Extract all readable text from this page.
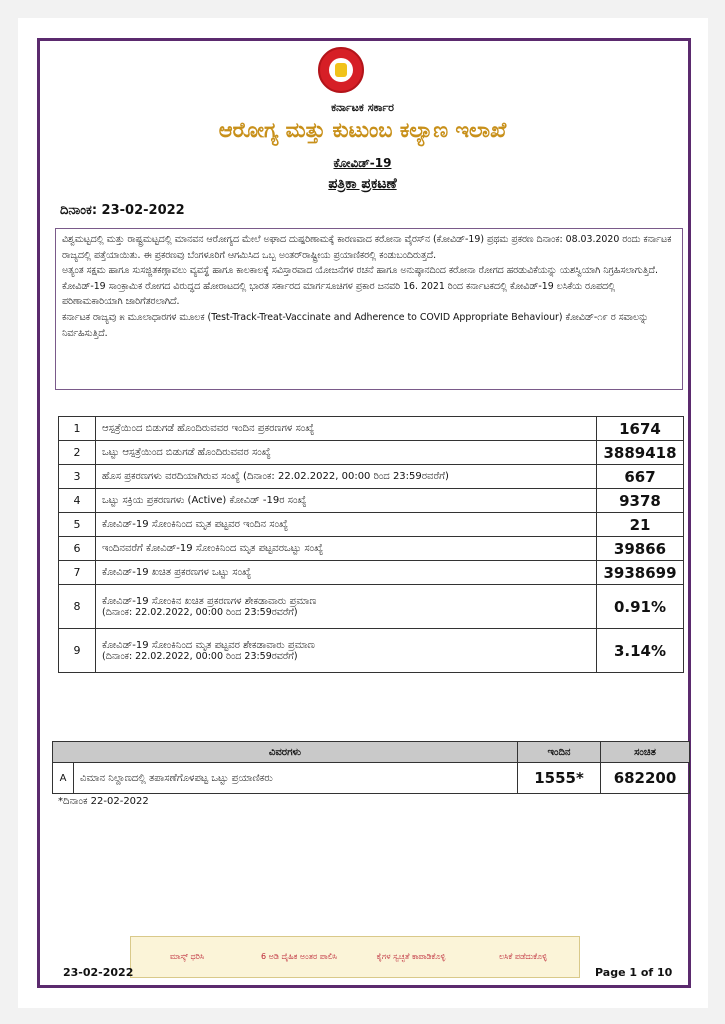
ಕರ್ನಾಟಕ ಸರ್ಕಾರ
ಆರೋಗ್ಯ ಮತ್ತು ಕುಟುಂಬ ಕಲ್ಯಾಣ ಇಲಾಖೆ
ಕೋವಿಡ್-19
ಪತ್ರಿಕಾ ಪ್ರಕಟಣೆ
ದಿನಾಂಕ: 23-02-2022

ವಿಶ್ವಮಟ್ಟದಲ್ಲಿ ಮತ್ತು ರಾಷ್ಟ್ರಮಟ್ಟದಲ್ಲಿ ಮಾನವನ ಆರೋಗ್ಯದ ಮೇಲೆ ಅಘಾದ ದುಷ್ಪರಿಣಾಮಕ್ಕೆ ಕಾರಣವಾದ ಕರೋನಾ ವೈರಸ್‌ನ (ಕೋವಿಡ್-19) ಪ್ರಥಮ ಪ್ರಕರಣ ದಿನಾಂಕ: 08.03.2020 ರಂದು ಕರ್ನಾಟಕ ರಾಜ್ಯದಲ್ಲಿ ಪತ್ತೆಯಾಯಿತು. ಈ ಪ್ರಕರಣವು ಬೆಂಗಳೂರಿಗೆ ಆಗಮಿಸಿದ ಒಬ್ಬ ಅಂತರ್‌ರಾಷ್ಟ್ರೀಯ ಪ್ರಯಾಣಿಕರಲ್ಲಿ ಕಂಡುಬಂದಿರುತ್ತದೆ.

ಅತ್ಯಂತ ಸಕ್ಷಮ ಹಾಗೂ ಸುಸಜ್ಜಿತಕಣ್ಗಾವಲು ವ್ಯವಸ್ಥೆ ಹಾಗೂ ಕಾಲಕಾಲಕ್ಕೆ ಸವಿಸ್ತಾರವಾದ ಯೋಜನೆಗಳ ರಚನೆ ಹಾಗೂ ಅನುಷ್ಠಾನದಿಂದ ಕರೋನಾ ರೋಗದ ಹರಡುವಿಕೆಯನ್ನು ಯಶಸ್ವಿಯಾಗಿ ನಿಗ್ರಹಿಸಲಾಗುತ್ತಿದೆ.

ಕೋವಿಡ್-19 ಸಾಂಕ್ರಾಮಿಕ ರೋಗದ ವಿರುದ್ಧದ ಹೋರಾಟದಲ್ಲಿ ಭಾರತ ಸರ್ಕಾರದ ಮಾರ್ಗಸೂಚಿಗಳ ಪ್ರಕಾರ ಜನವರಿ 16. 2021 ರಿಂದ ಕರ್ನಾಟಕದಲ್ಲಿ ಕೋವಿಡ್-19 ಲಸಿಕೆಯ ರೂಪದಲ್ಲಿ ಪರಿಣಾಮಕಾರಿಯಾಗಿ ಜಾರಿಗೆತರಲಾಗಿದೆ.

ಕರ್ನಾಟಕ ರಾಜ್ಯವು ೫ ಮೂಲಾಧಾರಗಳ ಮೂಲಕ (Test-Track-Treat-Vaccinate and Adherence to COVID Appropriate Behaviour) ಕೋವಿಡ್-೧೯ ರ ಸವಾಲನ್ನು ನಿರ್ವಹಿಸುತ್ತಿದೆ.

1	ಆಸ್ಪತ್ರೆಯಿಂದ ಬಿಡುಗಡೆ ಹೊಂದಿರುವವರ ಇಂದಿನ ಪ್ರಕರಣಗಳ ಸಂಖ್ಯೆ	1674
2	ಒಟ್ಟು ಆಸ್ಪತ್ರೆಯಿಂದ ಬಿಡುಗಡೆ ಹೊಂದಿರುವವರ ಸಂಖ್ಯೆ	3889418
3	ಹೊಸ ಪ್ರಕರಣಗಳು ವರದಿಯಾಗಿರುವ ಸಂಖ್ಯೆ (ದಿನಾಂಕ: 22.02.2022, 00:00 ರಿಂದ 23:59ರವರೆಗೆ)	667
4	ಒಟ್ಟು ಸಕ್ರಿಯ ಪ್ರಕರಣಗಳು (Active) ಕೋವಿಡ್ -19ರ ಸಂಖ್ಯೆ	9378
5	ಕೋವಿಡ್-19 ಸೋಂಕಿನಿಂದ ಮೃತ ಪಟ್ಟವರ ಇಂದಿನ ಸಂಖ್ಯೆ	21
6	ಇಂದಿನವರೆಗೆ ಕೋವಿಡ್-19 ಸೋಂಕಿನಿಂದ ಮೃತ ಪಟ್ಟವರಒಟ್ಟು ಸಂಖ್ಯೆ	39866
7	ಕೋವಿಡ್-19 ಖಚಿತ ಪ್ರಕರಣಗಳ ಒಟ್ಟು ಸಂಖ್ಯೆ	3938699
8	ಕೋವಿಡ್-19 ಸೋಂಕಿನ ಖಚಿತ ಪ್ರಕರಣಗಳ ಶೇಕಡಾವಾರು ಪ್ರಮಾಣ
(ದಿನಾಂಕ: 22.02.2022, 00:00 ರಿಂದ 23:59ರವರೆಗೆ)	0.91%
9	ಕೋವಿಡ್-19 ಸೋಂಕಿನಿಂದ ಮೃತ ಪಟ್ಟವರ ಶೇಕಡಾವಾರು ಪ್ರಮಾಣ
(ದಿನಾಂಕ: 22.02.2022, 00:00 ರಿಂದ 23:59ರವರೆಗೆ)	3.14%
ವಿವರಗಳು		ಇಂದಿನ	ಸಂಚಿತ
A	ವಿಮಾನ ನಿಲ್ದಾಣದಲ್ಲಿ ತಪಾಸಣೆಗೊಳಪಟ್ಟ ಒಟ್ಟು ಪ್ರಯಾಣಿಕರು	1555*	682200
*ದಿನಾಂಕ 22-02-2022
ಮಾಸ್ಕ್ ಧರಿಸಿ	6 ಅಡಿ ದೈಹಿಕ ಅಂತರ ಪಾಲಿಸಿ	ಕೈಗಳ ಸ್ವಚ್ಛತೆ ಕಾಪಾಡಿಕೊಳ್ಳಿ	ಲಸಿಕೆ ಪಡೆದುಕೊಳ್ಳಿ
23-02-2022	Page 1 of 10
